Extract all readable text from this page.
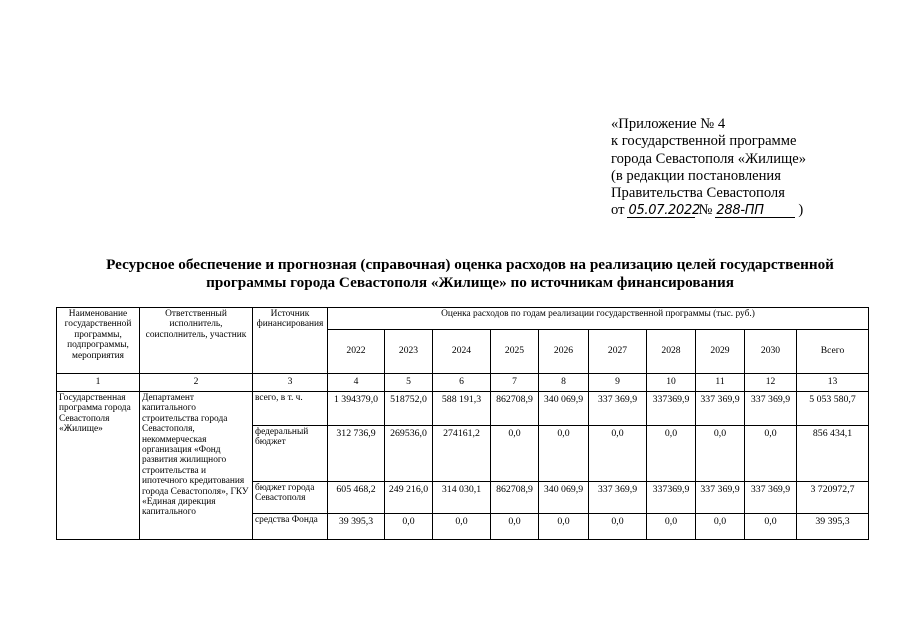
«Приложение № 4
к государственной программе
города Севастополя «Жилище»
(в редакции постановления
Правительства Севастополя
от 05.07.2022
№ 288-ПП	)
Ресурсное обеспечение и прогнозная (справочная) оценка расходов на реализацию целей государственной
программы города Севастополя «Жилище» по источникам финансирования
Наименование государственной программы, подпрограммы, мероприятия	Ответственный исполнитель, соисполнитель, участник	Источник финансирования	Оценка расходов по годам реализации государственной программы (тыс. руб.)									
			2022	2023	2024	2025	2026	2027	2028	2029	2030	Всего
1	2	3	4	5	6	7	8	9	10	11	12	13
Государственная программа города Севастополя «Жилище»	Департамент капитального строительства города Севастополя, некоммерческая организация «Фонд развития жилищного строительства и ипотечного кредитования города Севастополя», ГКУ «Единая дирекция капитального	всего, в т. ч.	1 394379,0	518752,0	588 191,3	862708,9	340 069,9	337 369,9	337369,9	337 369,9	337 369,9	5 053 580,7
		федеральный бюджет	312 736,9	269536,0	274161,2	0,0	0,0	0,0	0,0	0,0	0,0	856 434,1
		бюджет города Севастополя	605 468,2	249 216,0	314 030,1	862708,9	340 069,9	337 369,9	337369,9	337 369,9	337 369,9	3 720972,7
		средства Фонда	39 395,3	0,0	0,0	0,0	0,0	0,0	0,0	0,0	0,0	39 395,3
